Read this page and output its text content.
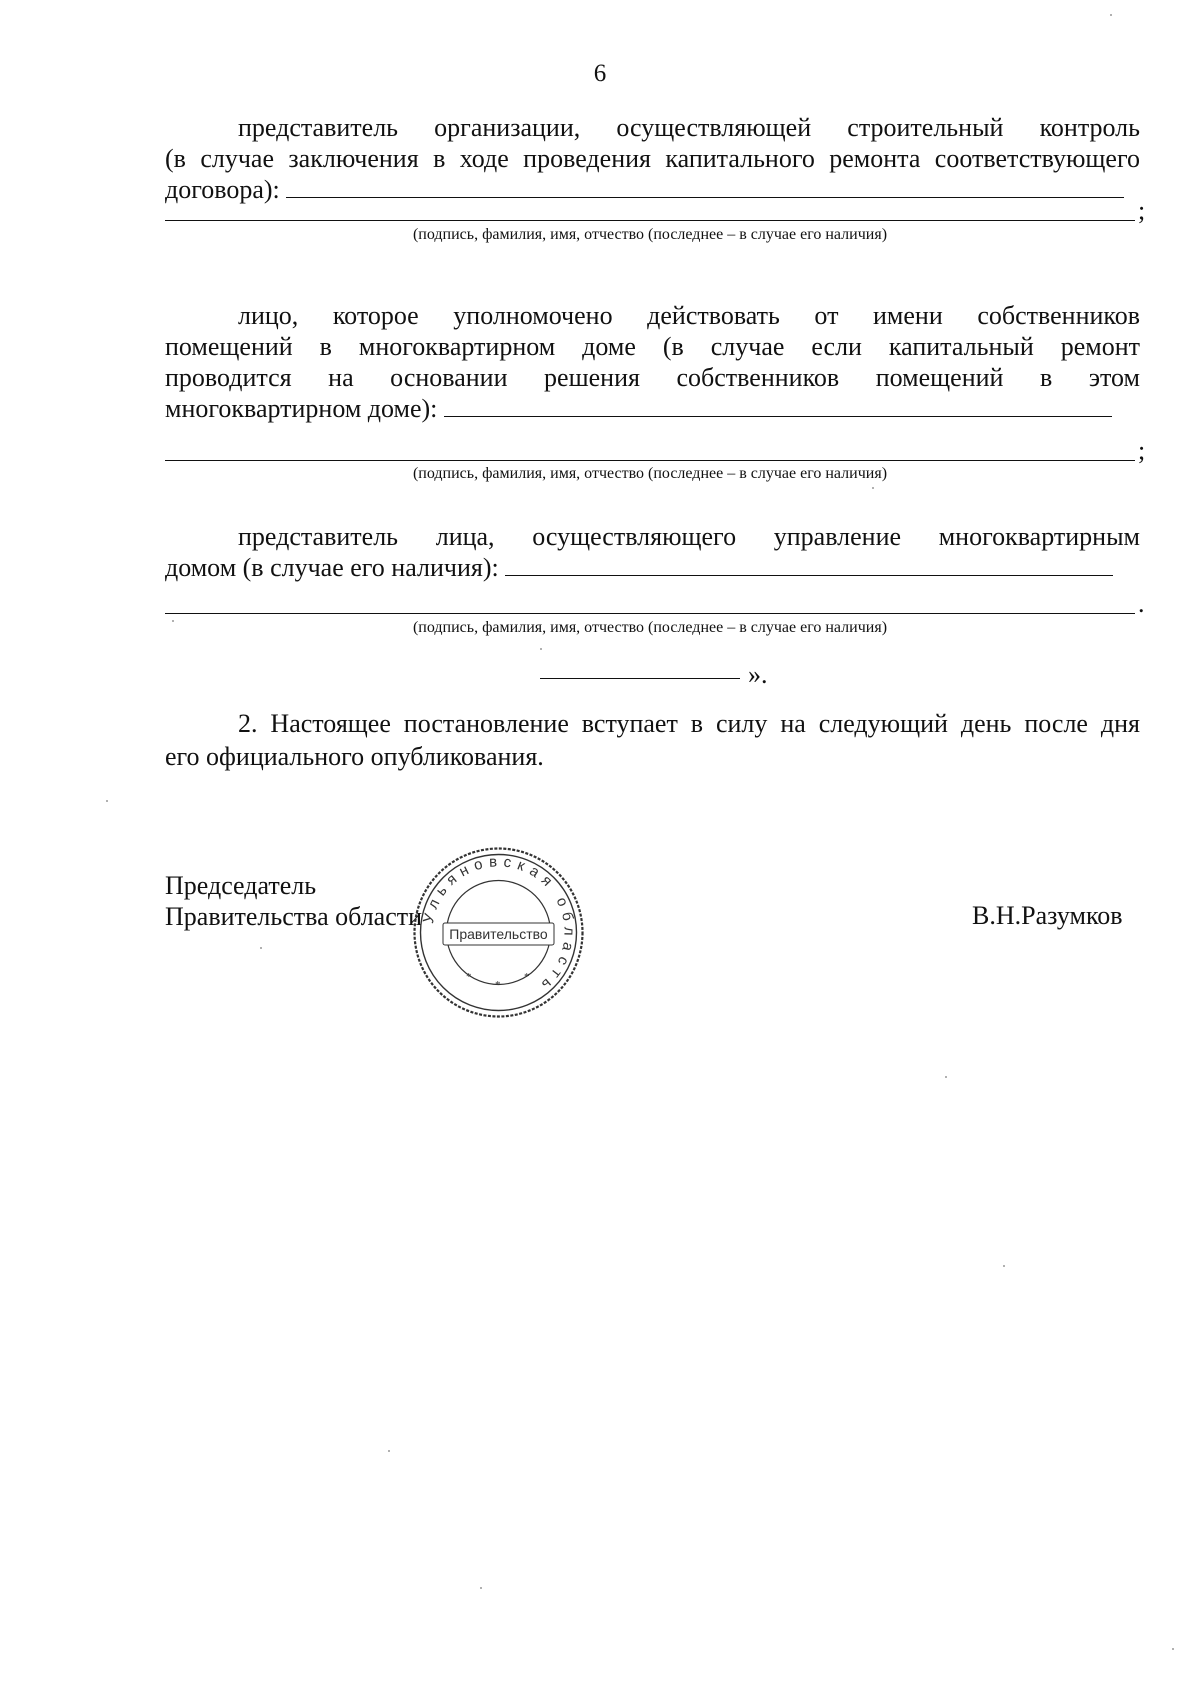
6
представитель организации, осуществляющей строительный контроль
(в случае заключения в ходе проведения капитального ремонта соответствующего
договора):
;
(подпись, фамилия, имя, отчество (последнее – в случае его наличия)
лицо, которое уполномочено действовать от имени собственников
помещений в многоквартирном доме (в случае если капитальный ремонт
проводится на основании решения собственников помещений в этом
многоквартирном доме):
;
(подпись, фамилия, имя, отчество (последнее – в случае его наличия)
представитель лица, осуществляющего управление многоквартирным
домом (в случае его наличия):
.
(подпись, фамилия, имя, отчество (последнее – в случае его наличия)
».
2. Настоящее постановление вступает в силу на следующий день после дня
его официального опубликования.
Председатель
Правительства области	В.Н.Разумков
Ульяновская область
Правительство
*
*
*
